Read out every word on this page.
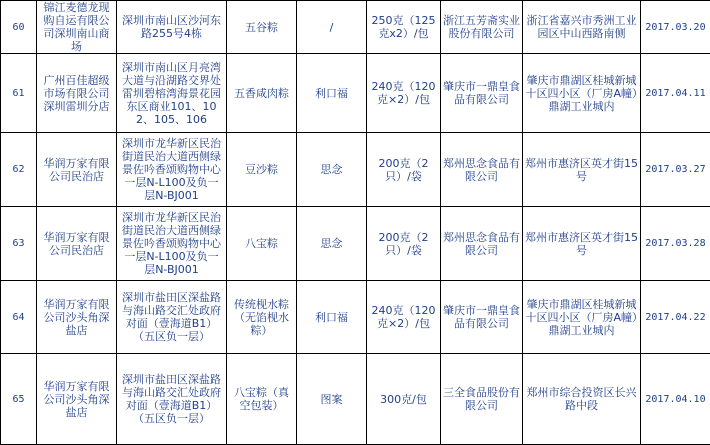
60	锦江麦德龙现购自运有限公司深圳南山商场	深圳市南山区沙河东路255号4栋	五谷粽	/	250克（125克x2）/包	浙江五芳斋实业股份有限公司	浙江省嘉兴市秀洲工业园区中山西路南侧	2017.03.20
61	广州百佳超级市场有限公司深圳雷圳分店	深圳市南山区月亮湾大道与沿湖路交界处雷圳碧榕湾海景花园东区商业101、102、105、106	五香咸肉粽	利口福	240克（120克×2）/包	肇庆市一鼎皇食品有限公司	肇庆市鼎湖区桂城新城十区四小区（厂房A幢）鼎湖工业城内	2017.04.11
62	华润万家有限公司民治店	深圳市龙华新区民治街道民治大道西侧绿景佐吟香颂购物中心一层N-L100及负一层N-BJ001	豆沙粽	思念	200克（2只）/袋	郑州思念食品有限公司	郑州市惠济区英才街15号	2017.03.27
63	华润万家有限公司民治店	深圳市龙华新区民治街道民治大道西侧绿景佐吟香颂购物中心一层N-L100及负一层N-BJ001	八宝粽	思念	200克（2只）/袋	郑州思念食品有限公司	郑州市惠济区英才街15号	2017.03.28
64	华润万家有限公司沙头角深盐店	深圳市盐田区深盐路与海山路交汇处政府对面（壹海道B1）（五区负一层）	传统枧水粽（无馅枧水粽）	利口福	240克（120克×2）/包	肇庆市一鼎皇食品有限公司	肇庆市鼎湖区桂城新城十区四小区（厂房A幢）鼎湖工业城内	2017.04.22
65	华润万家有限公司沙头角深盐店	深圳市盐田区深盐路与海山路交汇处政府对面（壹海道B1）（五区负一层）	八宝粽（真空包装）	图案	300克/包	三全食品股份有限公司	郑州市综合投资区长兴路中段	2017.04.10
